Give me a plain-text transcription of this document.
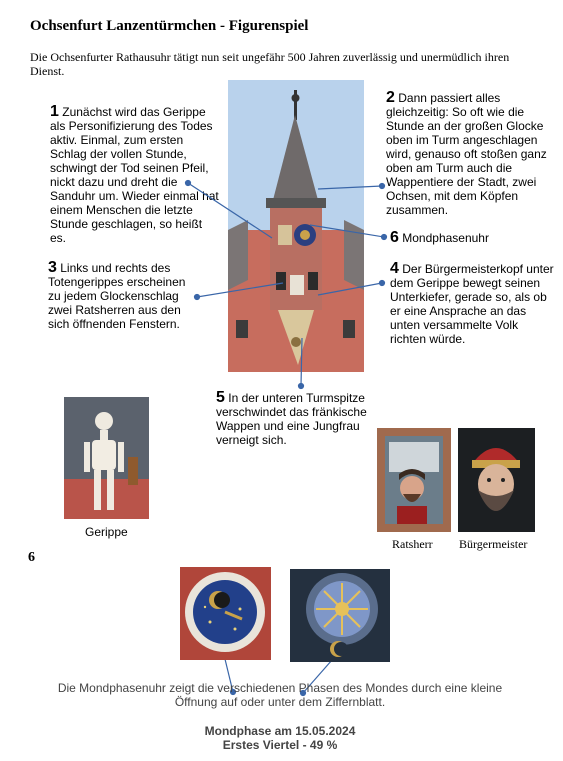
Ochsenfurt Lanzentürmchen - Figurenspiel
Die Ochsenfurter Rathausuhr tätigt nun seit ungefähr 500 Jahren zuverlässig und unermüdlich ihren Dienst.
1 Zunächst wird das Gerippe als Personifizierung des Todes aktiv. Einmal, zum ersten Schlag der vollen Stunde, schwingt der Tod seinen Pfeil, nickt dazu und dreht die Sanduhr um. Wieder einmal hat einem Menschen die letzte Stunde geschlagen, so heißt es.
2 Dann passiert alles gleichzeitig: So oft wie die Stunde an der großen Glocke oben im Turm angeschlagen wird, genauso oft stoßen ganz oben am Turm auch die Wappentiere der Stadt, zwei Ochsen, mit dem Köpfen zusammen.
6 Mondphasenuhr
3 Links und rechts des Totengerippes erscheinen zu jedem Glockenschlag zwei Ratsherren aus den sich öffnenden Fenstern.
4 Der Bürgermeisterkopf unter dem Gerippe bewegt seinen Unterkiefer, gerade so, als ob er eine Ansprache an das unten versammelte Volk richten würde.
5 In der unteren Turmspitze verschwindet das fränkische Wappen und eine Jungfrau verneigt sich.
Gerippe
Ratsherr Bürgermeister
6
Die Mondphasenuhr zeigt die verschiedenen Phasen des Mondes durch eine kleine
Öffnung auf oder unter dem Ziffernblatt.
Mondphase am 15.05.2024
Erstes Viertel - 49 %
